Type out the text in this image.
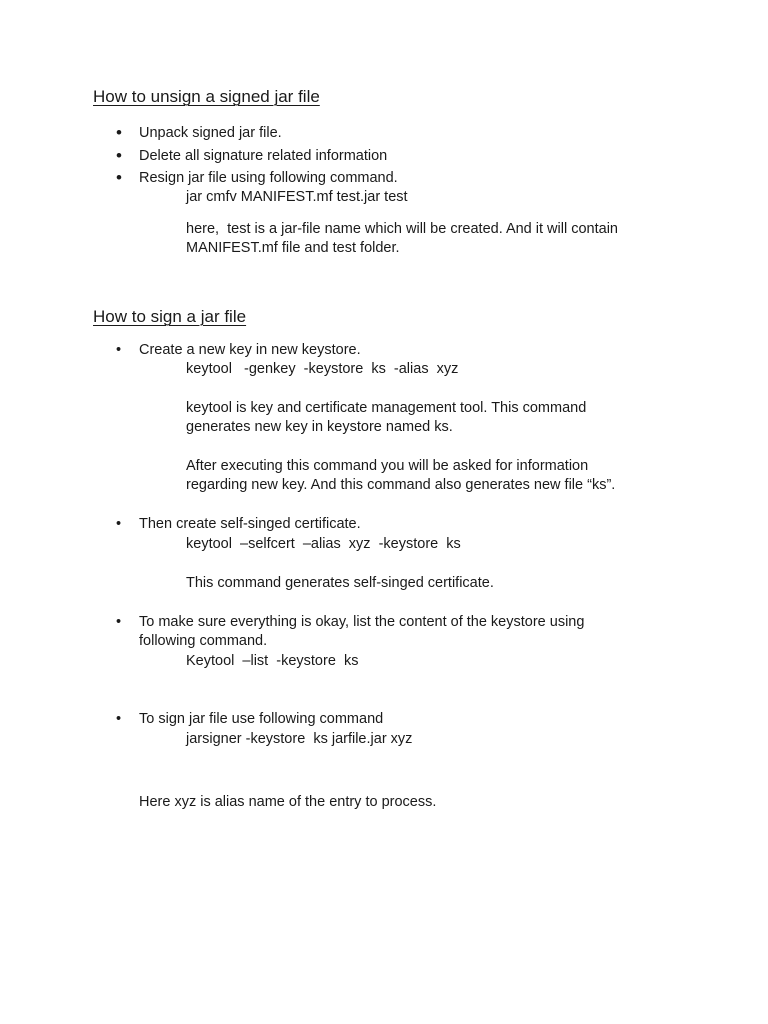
How to unsign a signed jar file
• Unpack signed jar file.
• Delete all signature related information
• Resign jar file using following command.
jar cmfv MANIFEST.mf test.jar test
here,  test is a jar-file name which will be created. And it will contain
MANIFEST.mf file and test folder.
How to sign a jar file
• Create a new key in new keystore.
keytool   -genkey  -keystore  ks  -alias  xyz
keytool is key and certificate management tool. This command
generates new key in keystore named ks.
After executing this command you will be asked for information
regarding new key. And this command also generates new file “ks”.
• Then create self-singed certificate.
keytool  –selfcert  –alias  xyz  -keystore  ks
This command generates self-singed certificate.
• To make sure everything is okay, list the content of the keystore using
following command.
Keytool  –list  -keystore  ks
• To sign jar file use following command
jarsigner -keystore  ks jarfile.jar xyz
Here xyz is alias name of the entry to process.
